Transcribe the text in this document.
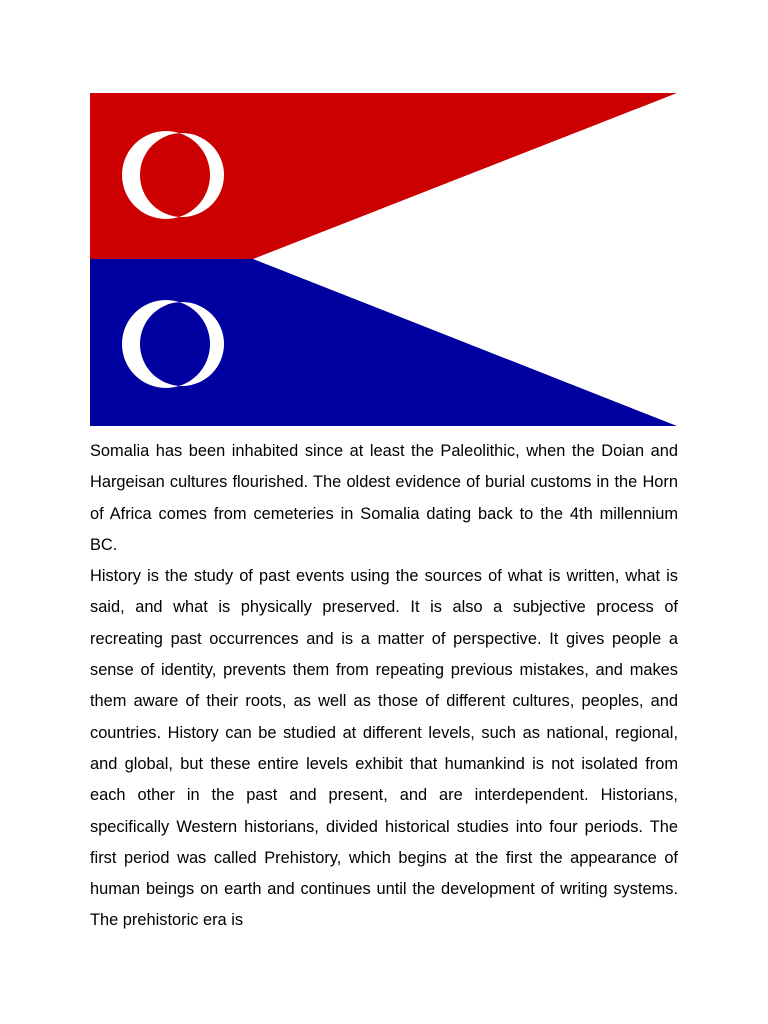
Somalia has been inhabited since at least the Paleolithic, when the Doian and Hargeisan cultures flourished. The oldest evidence of burial customs in the Horn of Africa comes from cemeteries in Somalia dating back to the 4th millennium BC.

History is the study of past events using the sources of what is written, what is said, and what is physically preserved. It is also a subjective process of recreating past occurrences and is a matter of perspective. It gives people a sense of identity, prevents them from repeating previous mistakes, and makes them aware of their roots, as well as those of different cultures, peoples, and countries. History can be studied at different levels, such as national, regional, and global, but these entire levels exhibit that humankind is not isolated from each other in the past and present, and are interdependent. Historians, specifically Western historians, divided historical studies into four periods. The first period was called Prehistory, which begins at the first the appearance of human beings on earth and continues until the development of writing systems. The prehistoric era is
